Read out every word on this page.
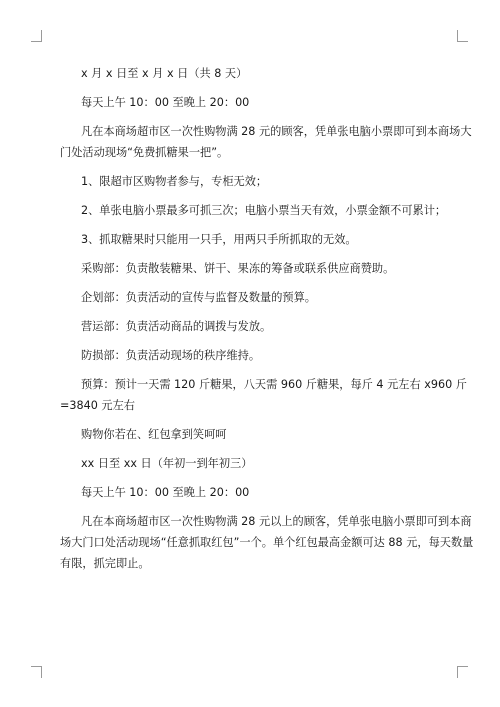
x 月 x 日至 x 月 x 日（共 8 天）

每天上午 10：00 至晚上 20：00

凡在本商场超市区一次性购物满 28 元的顾客，凭单张电脑小票即可到本商场大

门处活动现场“免费抓糖果一把”。

1、限超市区购物者参与，专柜无效；

2、单张电脑小票最多可抓三次；电脑小票当天有效，小票金额不可累计；

3、抓取糖果时只能用一只手，用两只手所抓取的无效。

采购部：负责散装糖果、饼干、果冻的筹备或联系供应商赞助。

企划部：负责活动的宣传与监督及数量的预算。

营运部：负责活动商品的调拨与发放。

防损部：负责活动现场的秩序维持。

预算：预计一天需 120 斤糖果，八天需 960 斤糖果，每斤 4 元左右 x960 斤

=3840 元左右

购物你若在、红包拿到笑呵呵

xx 日至 xx 日（年初一到年初三）

每天上午 10：00 至晚上 20：00

凡在本商场超市区一次性购物满 28 元以上的顾客，凭单张电脑小票即可到本商

场大门口处活动现场“任意抓取红包”一个。单个红包最高金额可达 88 元，每天数量

有限，抓完即止。
